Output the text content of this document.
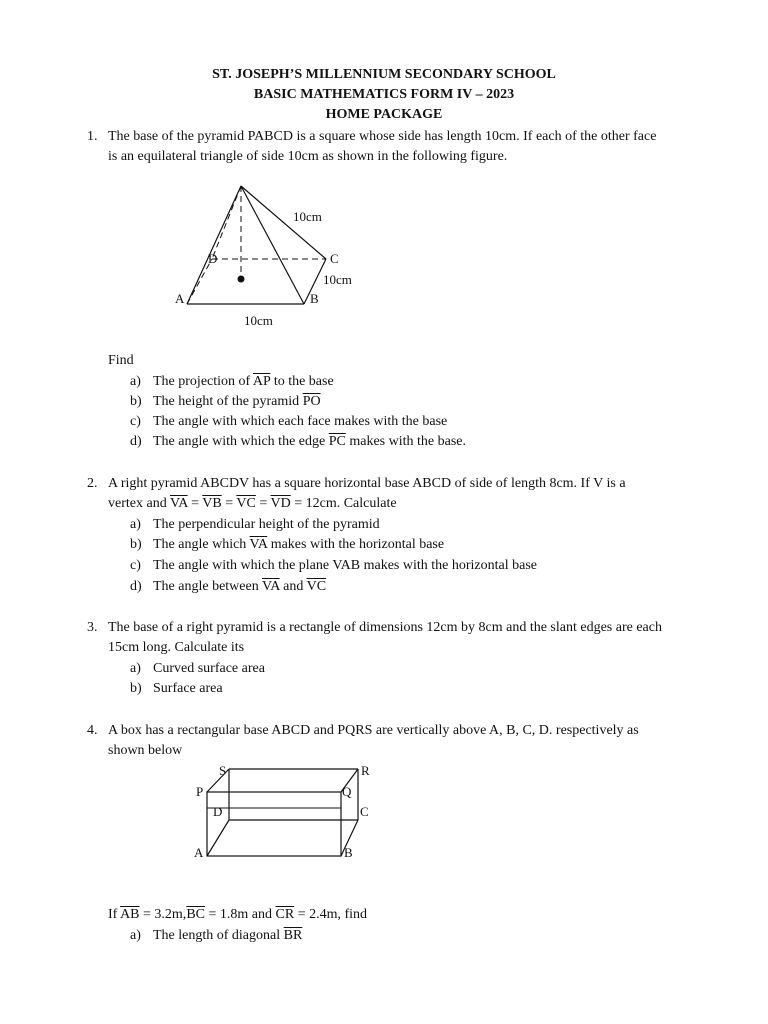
ST. JOSEPH’S MILLENNIUM SECONDARY SCHOOL
BASIC MATHEMATICS FORM IV – 2023
HOME PACKAGE
1. The base of the pyramid PABCD is a square whose side has length 10cm. If each of the other face
is an equilateral triangle of side 10cm as shown in the following figure.
10cm
10cm
10cm
A	B
C
D
Find
a) The projection of $\overline{AP}$ to the base
b) The height of the pyramid $\overline{PO}$
c) The angle with which each face makes with the base
d) The angle with which the edge $\overline{PC}$ makes with the base.
2. A right pyramid ABCDV has a square horizontal base ABCD of side of length 8cm. If V is a
vertex and $\overline{VA} = \overline{VB} = \overline{VC} = \overline{VD} = 12cm$. Calculate
a) The perpendicular height of the pyramid
b) The angle which $\overline{VA}$ makes with the horizontal base
c) The angle with which the plane VAB makes with the horizontal base
d) The angle between $\overline{VA}$ and $\overline{VC}$
3. The base of a right pyramid is a rectangle of dimensions 12cm by 8cm and the slant edges are each
15cm long. Calculate its
a) Curved surface area
b) Surface area
4. A box has a rectangular base ABCD and PQRS are vertically above A, B, C, D. respectively as
shown below
P	Q
R
S
A	B
C
D
If $\overline{AB} = 3.2m,\overline{BC} = 1.8m$ and $\overline{CR} = 2.4m$, find
a) The length of diagonal $\overline{BR}$
